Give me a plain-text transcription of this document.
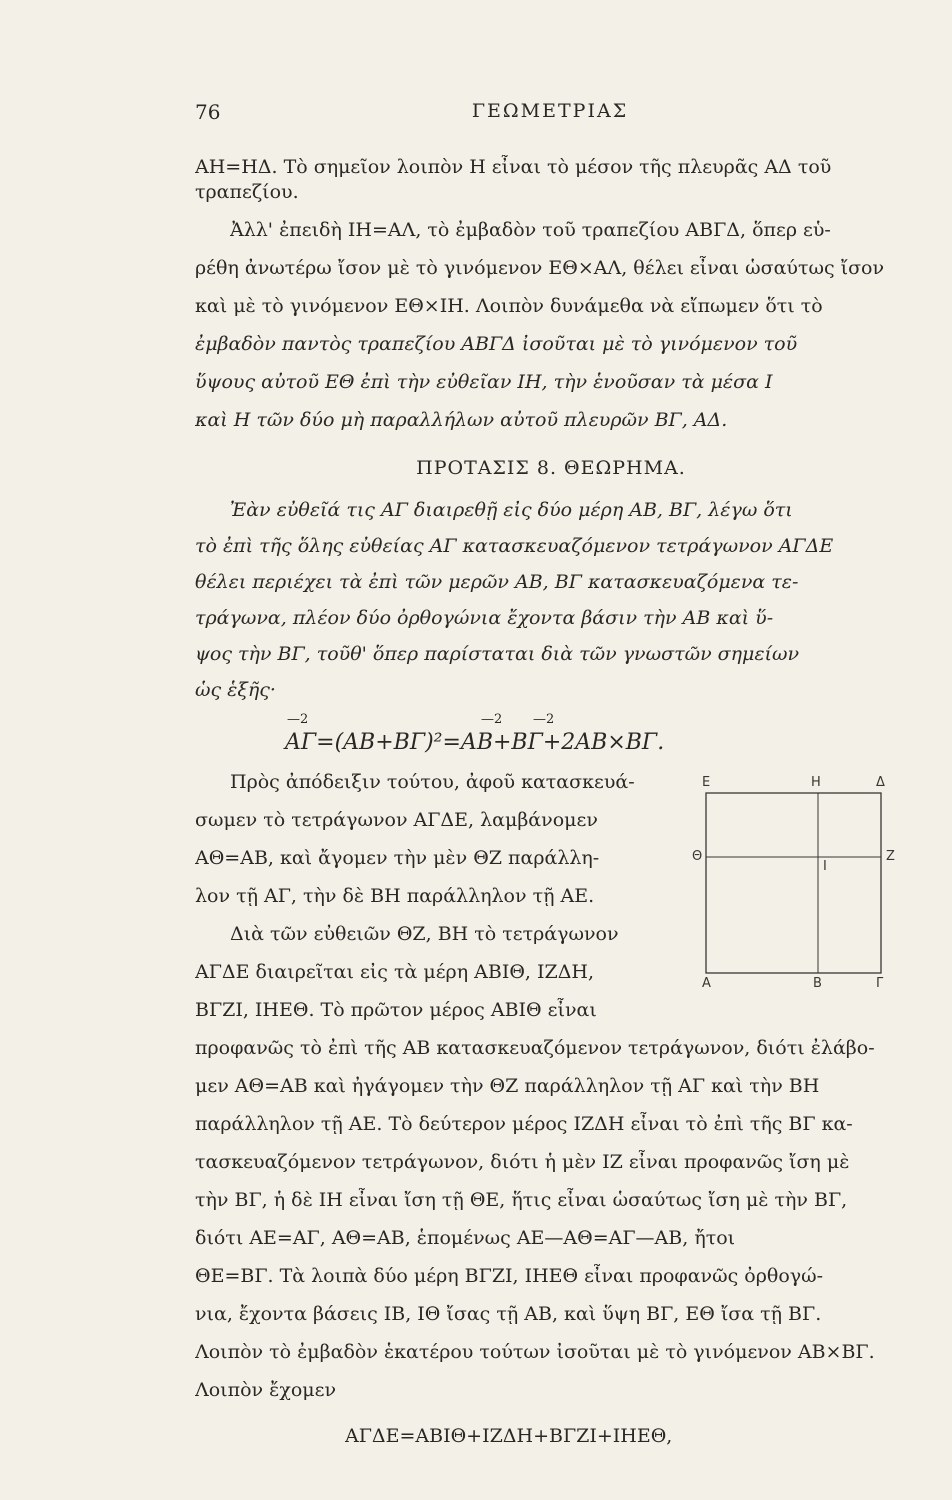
76	ΓΕΩΜΕΤΡΙΑΣ
ΑΗ=ΗΔ. Τὸ σημεῖον λοιπὸν Η εἶναι τὸ μέσον τῆς πλευρᾶς ΑΔ τοῦ
τραπεζίου.
Ἀλλ' ἐπειδὴ ΙΗ=ΑΛ, τὸ ἐμβαδὸν τοῦ τραπεζίου ΑΒΓΔ, ὅπερ εὑ-
ρέθη ἀνωτέρω ἴσον μὲ τὸ γινόμενον ΕΘ×ΑΛ, θέλει εἶναι ὡσαύτως ἴσον
καὶ μὲ τὸ γινόμενον ΕΘ×ΙΗ. Λοιπὸν δυνάμεθα νὰ εἴπωμεν ὅτι τὸ
ἐμβαδὸν παντὸς τραπεζίου ΑΒΓΔ ἰσοῦται μὲ τὸ γινόμενον τοῦ
ὕψους αὐτοῦ ΕΘ ἐπὶ τὴν εὐθεῖαν ΙΗ, τὴν ἑνοῦσαν τὰ μέσα Ι
καὶ Η τῶν δύο μὴ παραλλήλων αὐτοῦ πλευρῶν ΒΓ, ΑΔ.
ΠΡΟΤΑΣΙΣ 8. ΘΕΩΡΗΜΑ.
Ἐὰν εὐθεῖά τις ΑΓ διαιρεθῇ εἰς δύο μέρη ΑΒ, ΒΓ, λέγω ὅτι
τὸ ἐπὶ τῆς ὅλης εὐθείας ΑΓ κατασκευαζόμενον τετράγωνον ΑΓΔΕ
θέλει περιέχει τὰ ἐπὶ τῶν μερῶν ΑΒ, ΒΓ κατασκευαζόμενα τε-
τράγωνα, πλέον δύο ὀρθογώνια ἔχοντα βάσιν τὴν ΑΒ καὶ ὕ-
ψος τὴν ΒΓ, τοῦθ' ὅπερ παρίσταται διὰ τῶν γνωστῶν σημείων
ὡς ἑξῆς·
—2	—2 —2
ΑΓ=(ΑΒ+ΒΓ)²=ΑΒ+ΒΓ+2ΑΒ×ΒΓ.
Πρὸς ἀπόδειξιν τούτου, ἀφοῦ κατασκευά-
σωμεν τὸ τετράγωνον ΑΓΔΕ, λαμβάνομεν
ΑΘ=ΑΒ, καὶ ἄγομεν τὴν μὲν ΘΖ παράλλη-
λον τῇ ΑΓ, τὴν δὲ ΒΗ παράλληλον τῇ ΑΕ.
Διὰ τῶν εὐθειῶν ΘΖ, ΒΗ τὸ τετράγωνον
ΑΓΔΕ διαιρεῖται εἰς τὰ μέρη ΑΒΙΘ, ΙΖΔΗ,
ΒΓΖΙ, ΙΗΕΘ. Τὸ πρῶτον μέρος ΑΒΙΘ εἶναι
προφανῶς τὸ ἐπὶ τῆς ΑΒ κατασκευαζόμενον τετράγωνον, διότι ἐλάβο-
μεν ΑΘ=ΑΒ καὶ ἠγάγομεν τὴν ΘΖ παράλληλον τῇ ΑΓ καὶ τὴν ΒΗ
παράλληλον τῇ ΑΕ. Τὸ δεύτερον μέρος ΙΖΔΗ εἶναι τὸ ἐπὶ τῆς ΒΓ κα-
τασκευαζόμενον τετράγωνον, διότι ἡ μὲν ΙΖ εἶναι προφανῶς ἴση μὲ
τὴν ΒΓ, ἡ δὲ ΙΗ εἶναι ἴση τῇ ΘΕ, ἥτις εἶναι ὡσαύτως ἴση μὲ τὴν ΒΓ,
διότι ΑΕ=ΑΓ, ΑΘ=ΑΒ, ἑπομένως ΑΕ—ΑΘ=ΑΓ—ΑΒ, ἤτοι
ΘΕ=ΒΓ. Τὰ λοιπὰ δύο μέρη ΒΓΖΙ, ΙΗΕΘ εἶναι προφανῶς ὀρθογώ-
νια, ἔχοντα βάσεις ΙΒ, ΙΘ ἴσας τῇ ΑΒ, καὶ ὕψη ΒΓ, ΕΘ ἴσα τῇ ΒΓ.
Λοιπὸν τὸ ἐμβαδὸν ἑκατέρου τούτων ἰσοῦται μὲ τὸ γινόμενον ΑΒ×ΒΓ.
Λοιπὸν ἔχομεν
ΑΓΔΕ=ΑΒΙΘ+ΙΖΔΗ+ΒΓΖΙ+ΙΗΕΘ,
Ε	Η	Δ
Θ
Ι
Ζ
Α	Β	Γ
